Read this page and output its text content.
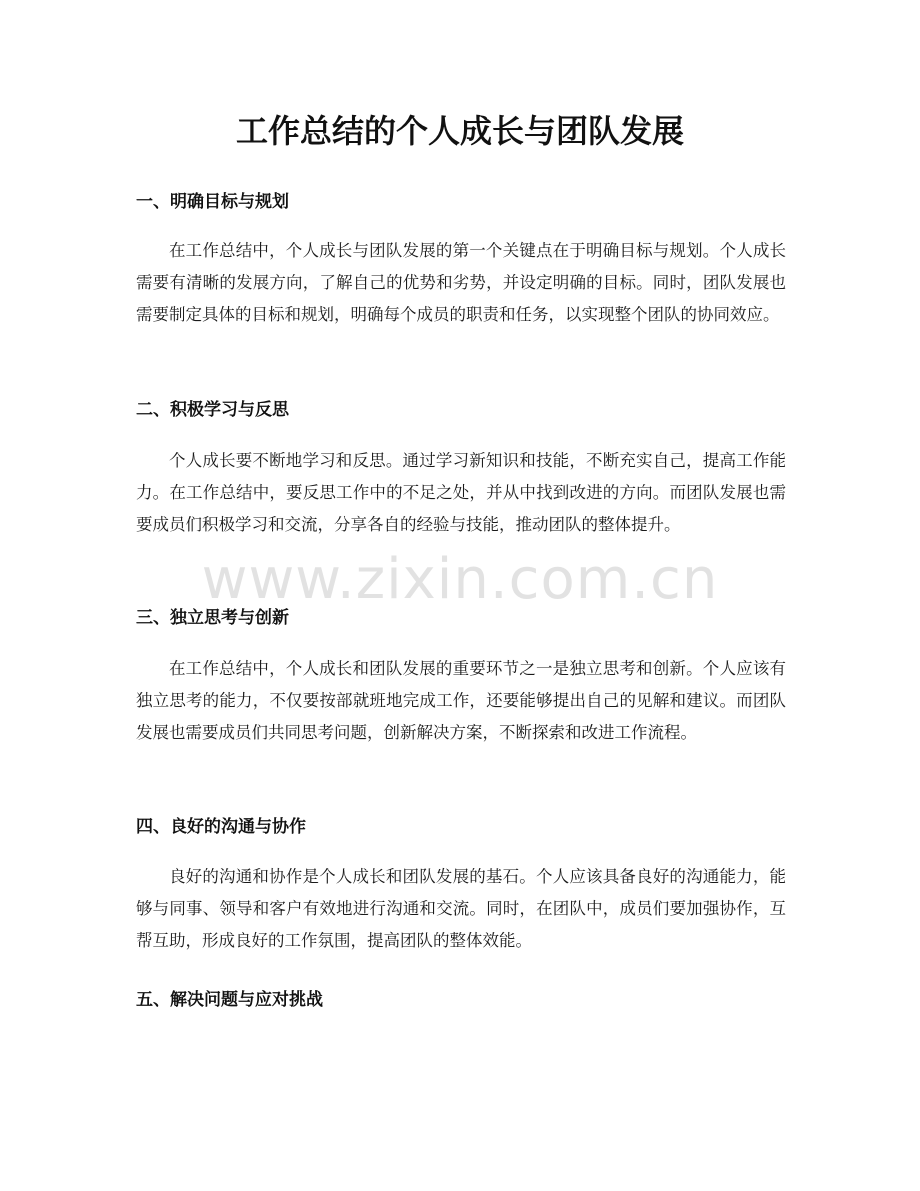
工作总结的个人成长与团队发展
一、明确目标与规划

在工作总结中，个人成长与团队发展的第一个关键点在于明确目标与规划。个人成长需要有清晰的发展方向，了解自己的优势和劣势，并设定明确的目标。同时，团队发展也需要制定具体的目标和规划，明确每个成员的职责和任务，以实现整个团队的协同效应。

二、积极学习与反思

个人成长要不断地学习和反思。通过学习新知识和技能，不断充实自己，提高工作能力。在工作总结中，要反思工作中的不足之处，并从中找到改进的方向。而团队发展也需要成员们积极学习和交流，分享各自的经验与技能，推动团队的整体提升。

三、独立思考与创新

在工作总结中，个人成长和团队发展的重要环节之一是独立思考和创新。个人应该有独立思考的能力，不仅要按部就班地完成工作，还要能够提出自己的见解和建议。而团队发展也需要成员们共同思考问题，创新解决方案，不断探索和改进工作流程。

四、良好的沟通与协作

良好的沟通和协作是个人成长和团队发展的基石。个人应该具备良好的沟通能力，能够与同事、领导和客户有效地进行沟通和交流。同时，在团队中，成员们要加强协作，互帮互助，形成良好的工作氛围，提高团队的整体效能。

五、解决问题与应对挑战
www.zixin.com.cn
